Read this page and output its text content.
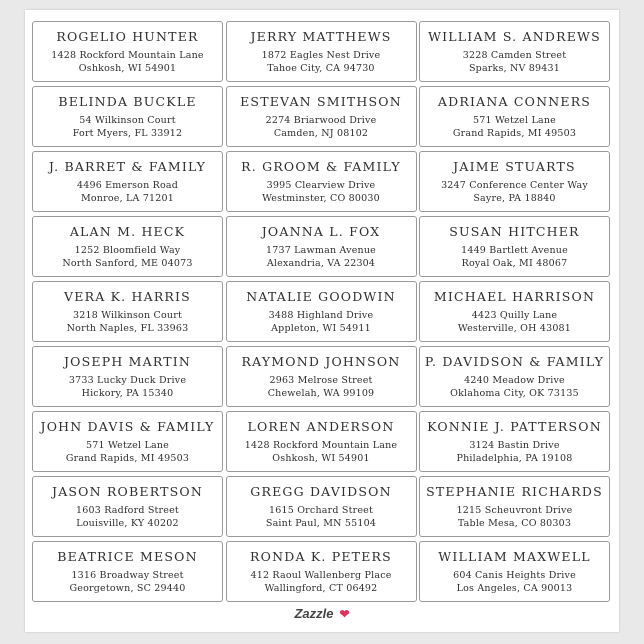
ROGELIO HUNTER
1428 Rockford Mountain Lane
Oshkosh, WI 54901
JERRY MATTHEWS
1872 Eagles Nest Drive
Tahoe City, CA 94730
WILLIAM S. ANDREWS
3228 Camden Street
Sparks, NV 89431
BELINDA BUCKLE
54 Wilkinson Court
Fort Myers, FL 33912
ESTEVAN SMITHSON
2274 Briarwood Drive
Camden, NJ 08102
ADRIANA CONNERS
571 Wetzel Lane
Grand Rapids, MI 49503
J. BARRET & FAMILY
4496 Emerson Road
Monroe, LA 71201
R. GROOM & FAMILY
3995 Clearview Drive
Westminster, CO 80030
JAIME STUARTS
3247 Conference Center Way
Sayre, PA 18840
ALAN M. HECK
1252 Bloomfield Way
North Sanford, ME 04073
JOANNA L. FOX
1737 Lawman Avenue
Alexandria, VA 22304
SUSAN HITCHER
1449 Bartlett Avenue
Royal Oak, MI 48067
VERA K. HARRIS
3218 Wilkinson Court
North Naples, FL 33963
NATALIE GOODWIN
3488 Highland Drive
Appleton, WI 54911
MICHAEL HARRISON
4423 Quilly Lane
Westerville, OH 43081
JOSEPH MARTIN
3733 Lucky Duck Drive
Hickory, PA 15340
RAYMOND JOHNSON
2963 Melrose Street
Chewelah, WA 99109
P. DAVIDSON & FAMILY
4240 Meadow Drive
Oklahoma City, OK 73135
JOHN DAVIS & FAMILY
571 Wetzel Lane
Grand Rapids, MI 49503
LOREN ANDERSON
1428 Rockford Mountain Lane
Oshkosh, WI 54901
KONNIE J. PATTERSON
3124 Bastin Drive
Philadelphia, PA 19108
JASON ROBERTSON
1603 Radford Street
Louisville, KY 40202
GREGG DAVIDSON
1615 Orchard Street
Saint Paul, MN 55104
STEPHANIE RICHARDS
1215 Scheuvront Drive
Table Mesa, CO 80303
BEATRICE MESON
1316 Broadway Street
Georgetown, SC 29440
RONDA K. PETERS
412 Raoul Wallenberg Place
Wallingford, CT 06492
WILLIAM MAXWELL
604 Canis Heights Drive
Los Angeles, CA 90013
Zazzle ❤
